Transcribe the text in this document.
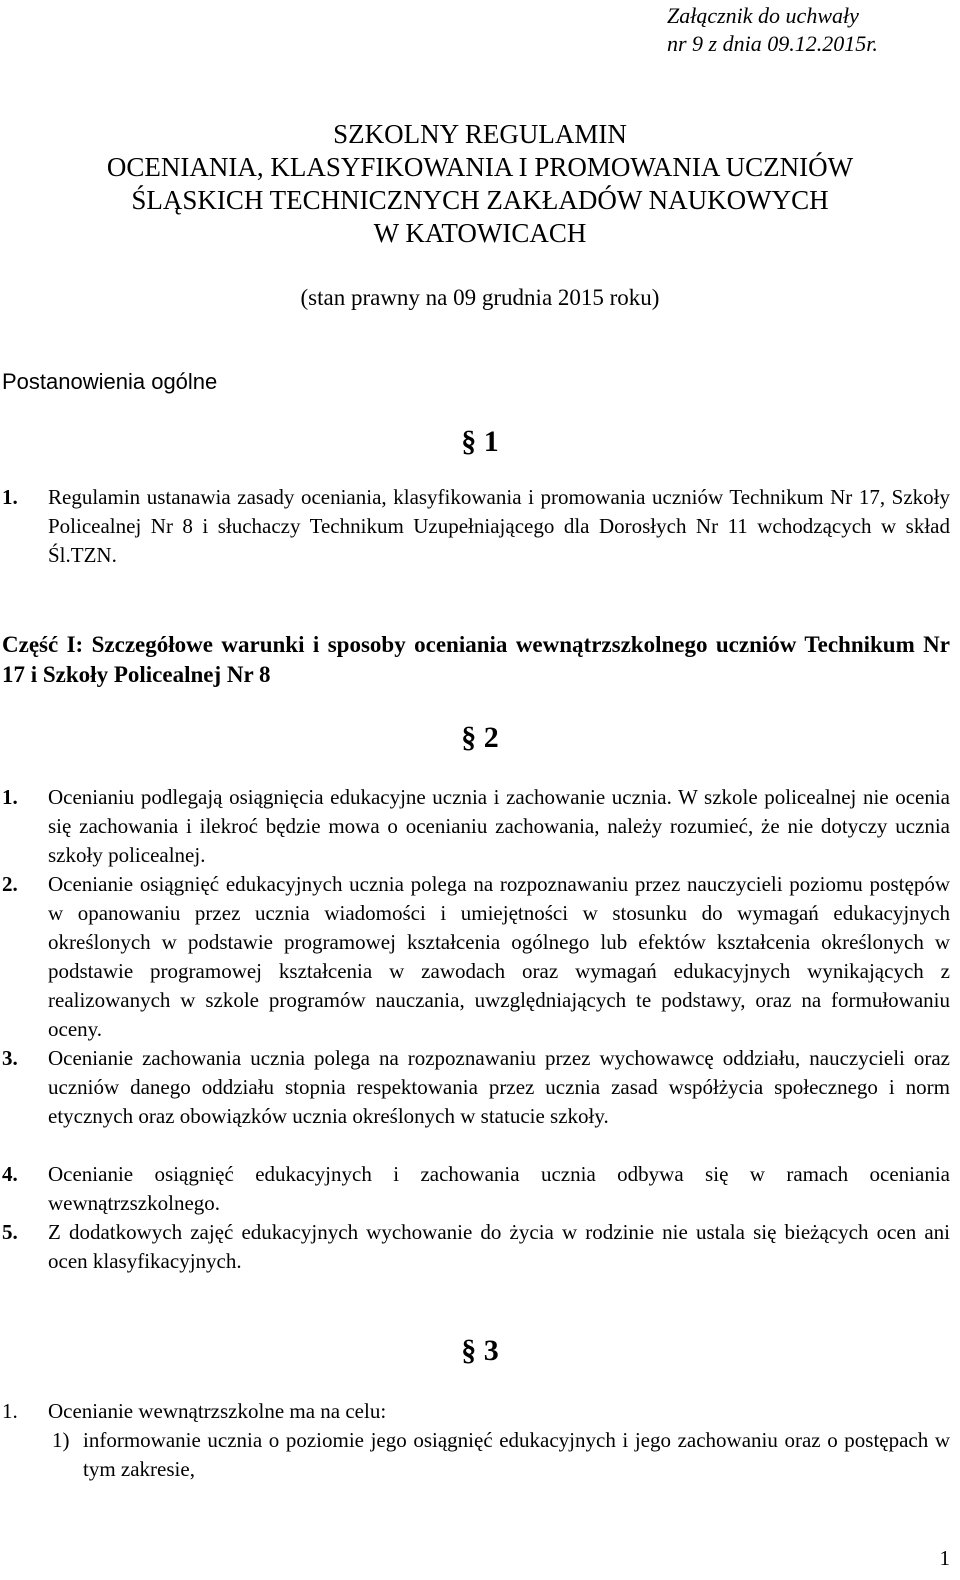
Załącznik do uchwały
nr 9 z dnia 09.12.2015r.
SZKOLNY REGULAMIN
OCENIANIA, KLASYFIKOWANIA I PROMOWANIA UCZNIÓW
ŚLĄSKICH TECHNICZNYCH ZAKŁADÓW NAUKOWYCH
W KATOWICACH
(stan prawny na 09 grudnia 2015 roku)
Postanowienia ogólne
§ 1
1. Regulamin ustanawia zasady oceniania, klasyfikowania i promowania uczniów Technikum Nr 17, Szkoły Policealnej Nr 8 i słuchaczy Technikum Uzupełniającego dla Dorosłych Nr 11 wchodzących w skład Śl.TZN.
Część I: Szczegółowe warunki i sposoby oceniania wewnątrzszkolnego uczniów Technikum Nr 17 i Szkoły Policealnej Nr 8
§ 2
1. Ocenianiu podlegają osiągnięcia edukacyjne ucznia i zachowanie ucznia. W szkole policealnej nie ocenia się zachowania i ilekroć będzie mowa o ocenianiu zachowania, należy rozumieć, że nie dotyczy ucznia szkoły policealnej.
2. Ocenianie osiągnięć edukacyjnych ucznia polega na rozpoznawaniu przez nauczycieli poziomu postępów w opanowaniu przez ucznia wiadomości i umiejętności w stosunku do wymagań edukacyjnych określonych w podstawie programowej kształcenia ogólnego lub efektów kształcenia określonych w podstawie programowej kształcenia w zawodach oraz wymagań edukacyjnych wynikających z realizowanych w szkole programów nauczania, uwzględniających te podstawy, oraz na formułowaniu oceny.
3. Ocenianie zachowania ucznia polega na rozpoznawaniu przez wychowawcę oddziału, nauczycieli oraz uczniów danego oddziału stopnia respektowania przez ucznia zasad współżycia społecznego i norm etycznych oraz obowiązków ucznia określonych w statucie szkoły.
4. Ocenianie osiągnięć edukacyjnych i zachowania ucznia odbywa się w ramach oceniania wewnątrzszkolnego.
5. Z dodatkowych zajęć edukacyjnych wychowanie do życia w rodzinie nie ustala się bieżących ocen ani ocen klasyfikacyjnych.
§ 3
1. Ocenianie wewnątrzszkolne ma na celu:
1) informowanie ucznia o poziomie jego osiągnięć edukacyjnych i jego zachowaniu oraz o postępach w tym zakresie,
1
